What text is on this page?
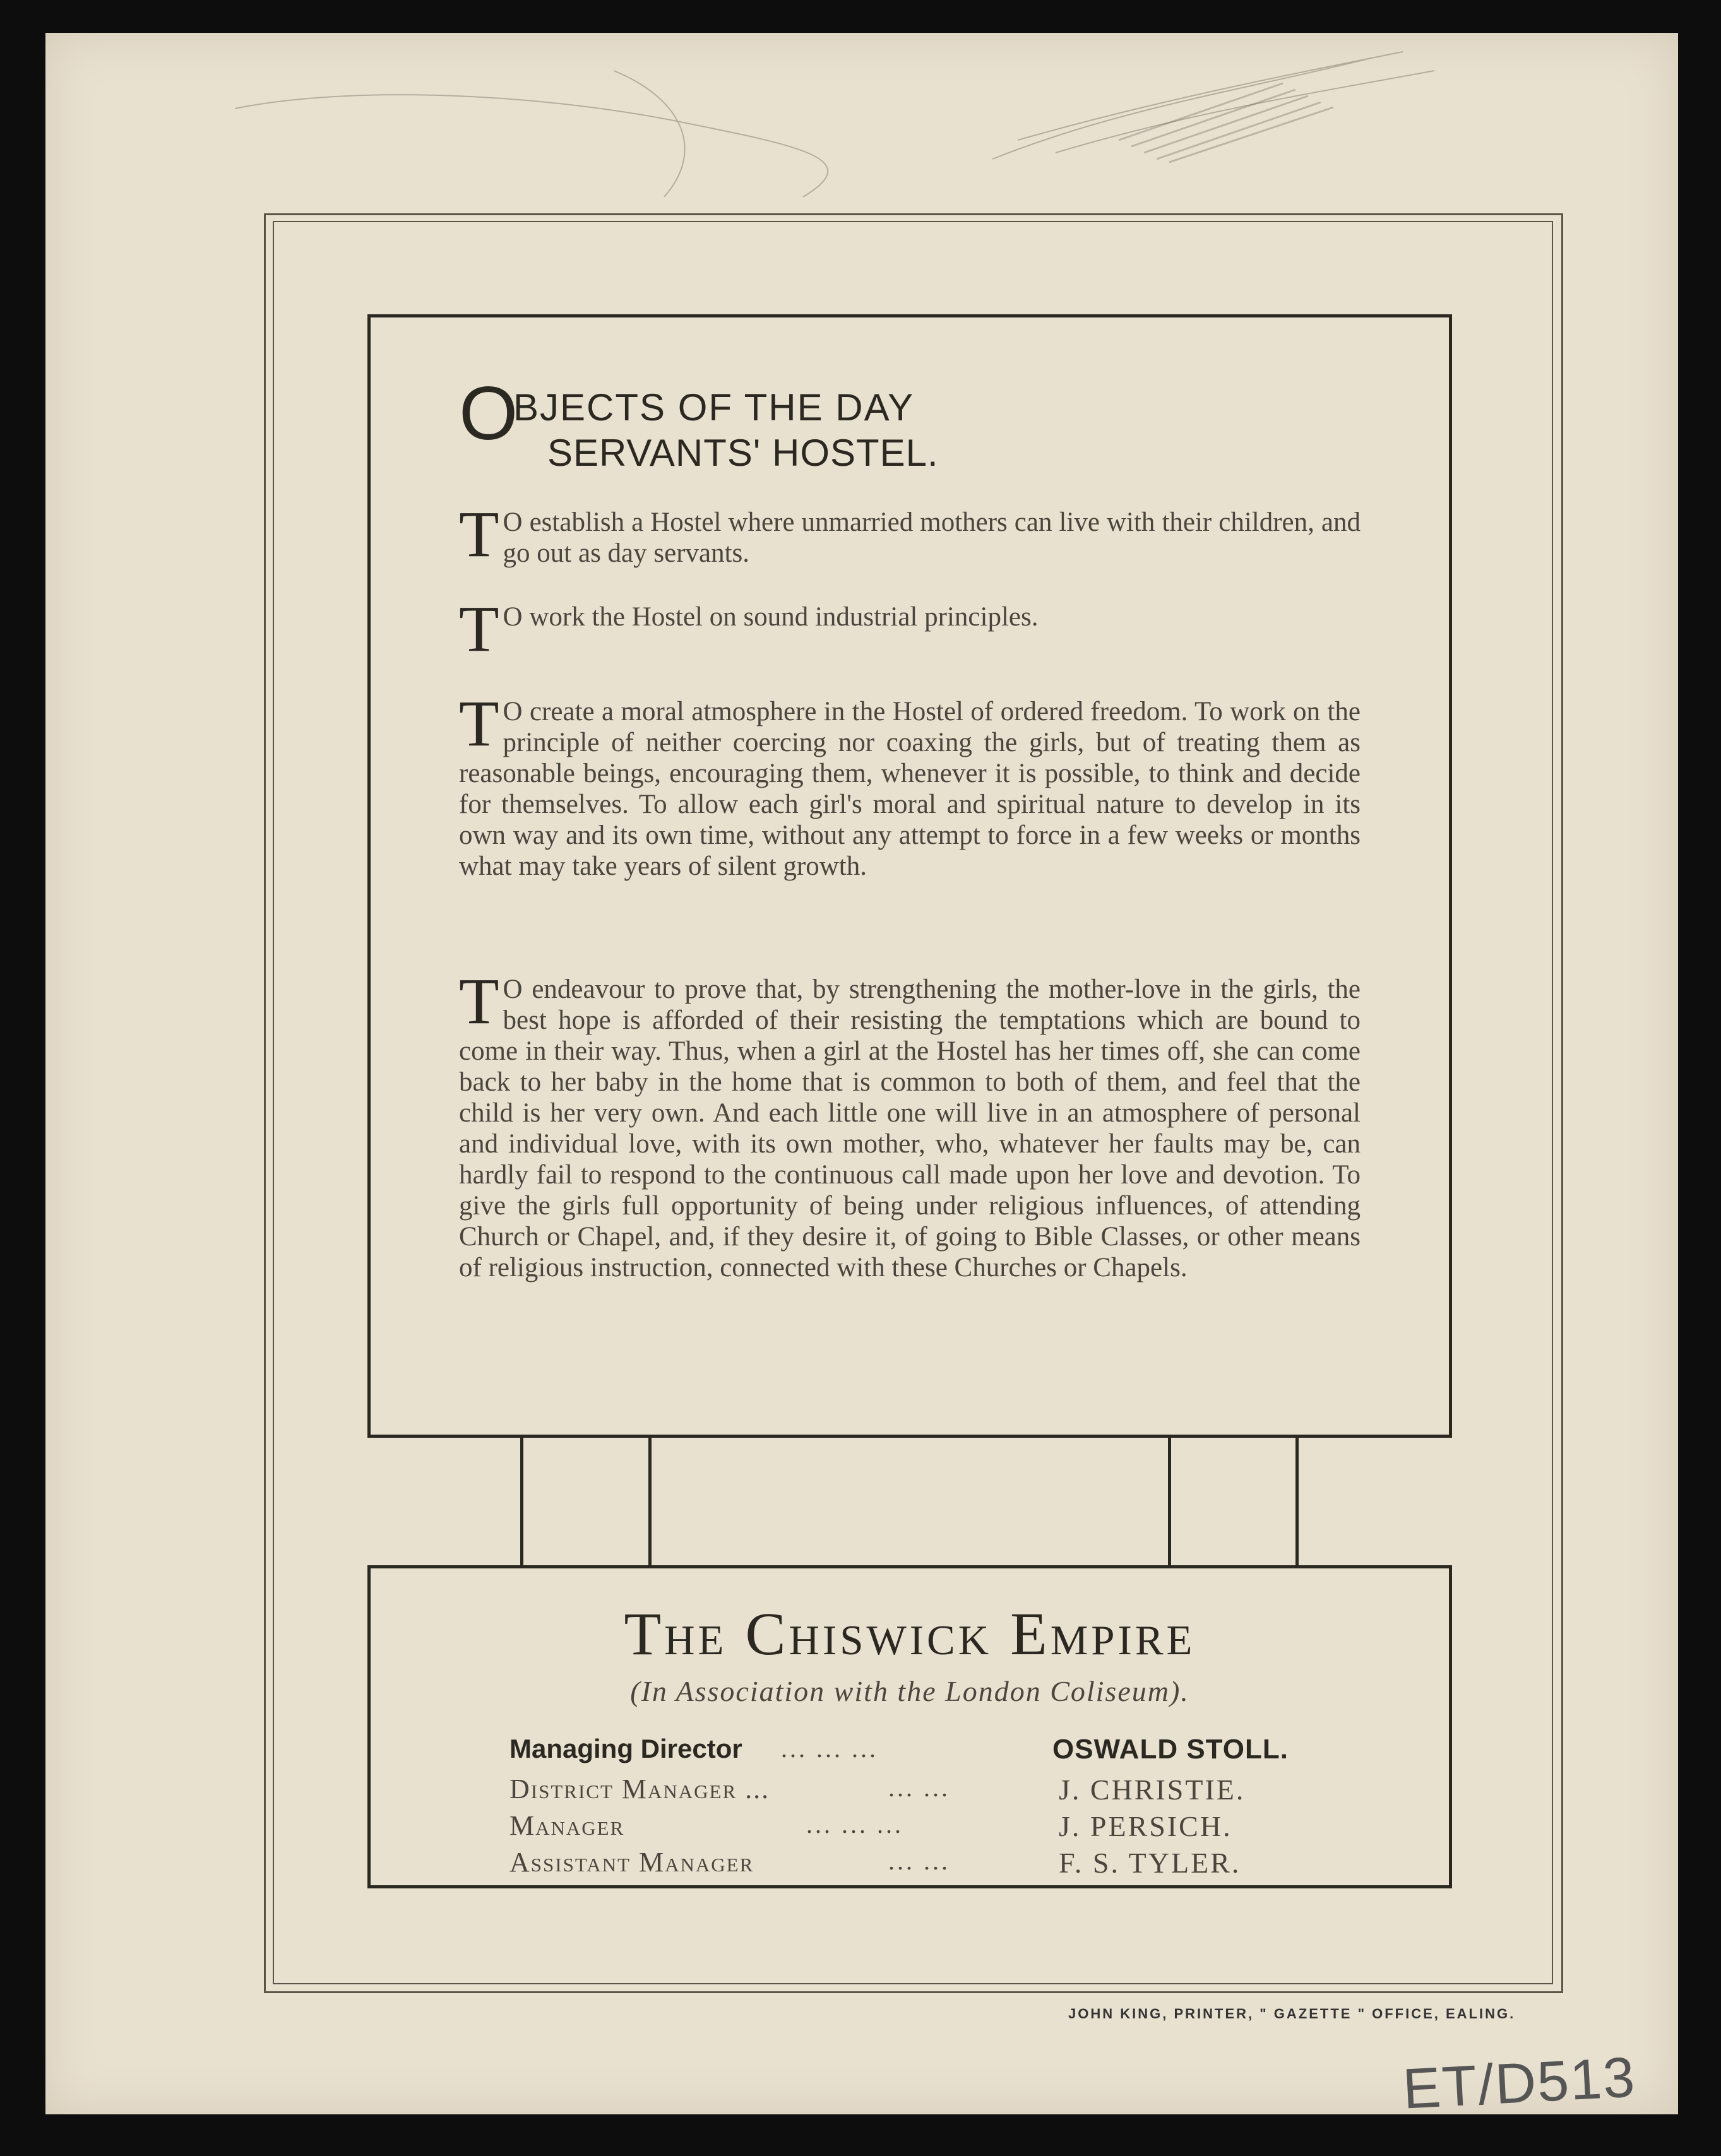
O
BJECTS OF THE DAY
SERVANTS' HOSTEL.
T O establish a Hostel where unmarried mothers can live with their children, and go out as day servants.
T O work the Hostel on sound industrial principles.
T O create a moral atmosphere in the Hostel of ordered freedom. To work on the principle of neither coercing nor coaxing the girls, but of treating them as reasonable beings, encouraging them, whenever it is possible, to think and decide for themselves. To allow each girl's moral and spiritual nature to develop in its own way and its own time, without any attempt to force in a few weeks or months what may take years of silent growth.
T O endeavour to prove that, by strengthening the mother-love in the girls, the best hope is afforded of their resisting the temptations which are bound to come in their way. Thus, when a girl at the Hostel has her times off, she can come back to her baby in the home that is common to both of them, and feel that the child is her very own. And each little one will live in an atmosphere of personal and individual love, with its own mother, who, whatever her faults may be, can hardly fail to respond to the continuous call made upon her love and devotion. To give the girls full opportunity of being under religious influences, of attending Church or Chapel, and, if they desire it, of going to Bible Classes, or other means of religious instruction, connected with these Churches or Chapels.
The Chiswick Empire
(In Association with the London Coliseum).
Managing Director ... ... ...	OSWALD STOLL.
District Manager ...	... ...	J. CHRISTIE.
Manager	... ... ...	J. PERSICH.
Assistant Manager	... ...	F. S. TYLER.
JOHN KING, PRINTER, " GAZETTE " OFFICE, EALING.
ET/D513
